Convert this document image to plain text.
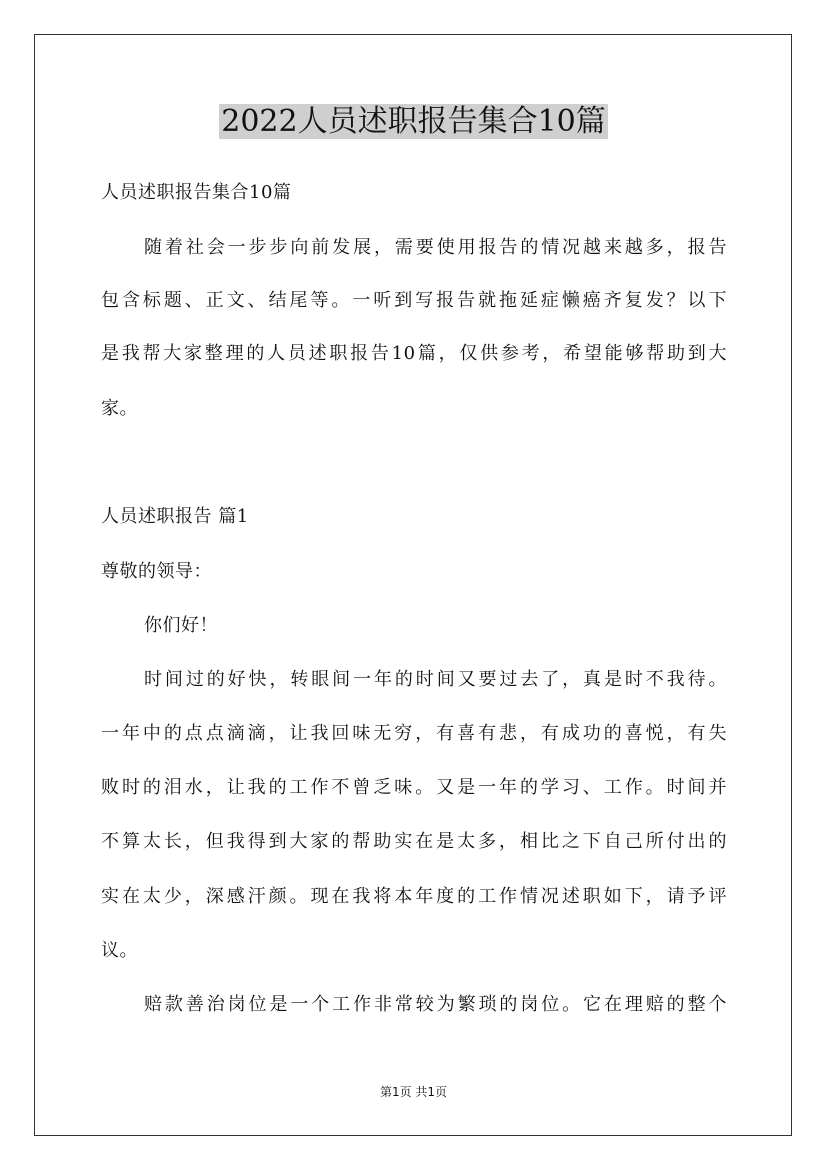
2022人员述职报告集合10篇
人员述职报告集合10篇
随着社会一步步向前发展，需要使用报告的情况越来越多，报告
包含标题、正文、结尾等。一听到写报告就拖延症懒癌齐复发？以下
是我帮大家整理的人员述职报告10篇，仅供参考，希望能够帮助到大
家。
人员述职报告 篇1
尊敬的领导：
你们好！
时间过的好快，转眼间一年的时间又要过去了，真是时不我待。
一年中的点点滴滴，让我回味无穷，有喜有悲，有成功的喜悦，有失
败时的泪水，让我的工作不曾乏味。又是一年的学习、工作。时间并
不算太长，但我得到大家的帮助实在是太多，相比之下自己所付出的
实在太少，深感汗颜。现在我将本年度的工作情况述职如下，请予评
议。
赔款善治岗位是一个工作非常较为繁琐的岗位。它在理赔的整个
第1页 共1页
